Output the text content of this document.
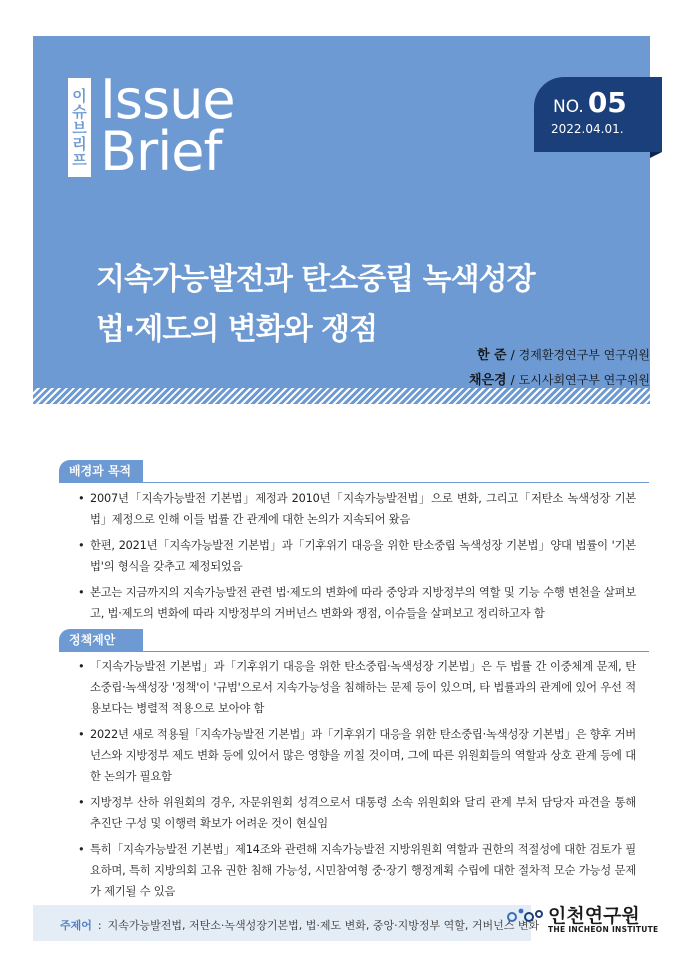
이슈브리프 Issue
Brief
NO. 05
2022.04.01.
지속가능발전과 탄소중립 녹색성장
법·제도의 변화와 쟁점
한 준 / 경제환경연구부 연구위원
채은경 / 도시사회연구부 연구위원
배경과 목적
• 2007년「지속가능발전 기본법」제정과 2010년「지속가능발전법」으로 변화, 그리고「저탄소 녹색성장 기본법」제정으로 인해 이들 법률 간 관계에 대한 논의가 지속되어 왔음
• 한편, 2021년「지속가능발전 기본법」과「기후위기 대응을 위한 탄소중립 녹색성장 기본법」양대 법률이 '기본법'의 형식을 갖추고 제정되었음
• 본고는 지금까지의 지속가능발전 관련 법·제도의 변화에 따라 중앙과 지방정부의 역할 및 기능 수행 변천을 살펴보고, 법·제도의 변화에 따라 지방정부의 거버넌스 변화와 쟁점, 이슈들을 살펴보고 정리하고자 함
정책제안
• 「지속가능발전 기본법」과「기후위기 대응을 위한 탄소중립·녹색성장 기본법」은 두 법률 간 이중체계 문제, 탄소중립·녹색성장 '정책'이 '규범'으로서 지속가능성을 침해하는 문제 등이 있으며, 타 법률과의 관계에 있어 우선 적용보다는 병렬적 적용으로 보아야 함
• 2022년 새로 적용될「지속가능발전 기본법」과「기후위기 대응을 위한 탄소중립·녹색성장 기본법」은 향후 거버넌스와 지방정부 제도 변화 등에 있어서 많은 영향을 끼칠 것이며, 그에 따른 위원회들의 역할과 상호 관계 등에 대한 논의가 필요함
• 지방정부 산하 위원회의 경우, 자문위원회 성격으로서 대통령 소속 위원회와 달리 관계 부처 담당자 파견을 통해 추진단 구성 및 이행력 확보가 어려운 것이 현실임
• 특히「지속가능발전 기본법」제14조와 관련해 지속가능발전 지방위원회 역할과 권한의 적절성에 대한 검토가 필요하며, 특히 지방의회 고유 권한 침해 가능성, 시민참여형 중·장기 행정계획 수립에 대한 절차적 모순 가능성 문제가 제기될 수 있음
주제어 : 지속가능발전법, 저탄소·녹색성장기본법, 법·제도 변화, 중앙·지방정부 역할, 거버넌스 변화 인천연구원
THE INCHEON INSTITUTE
